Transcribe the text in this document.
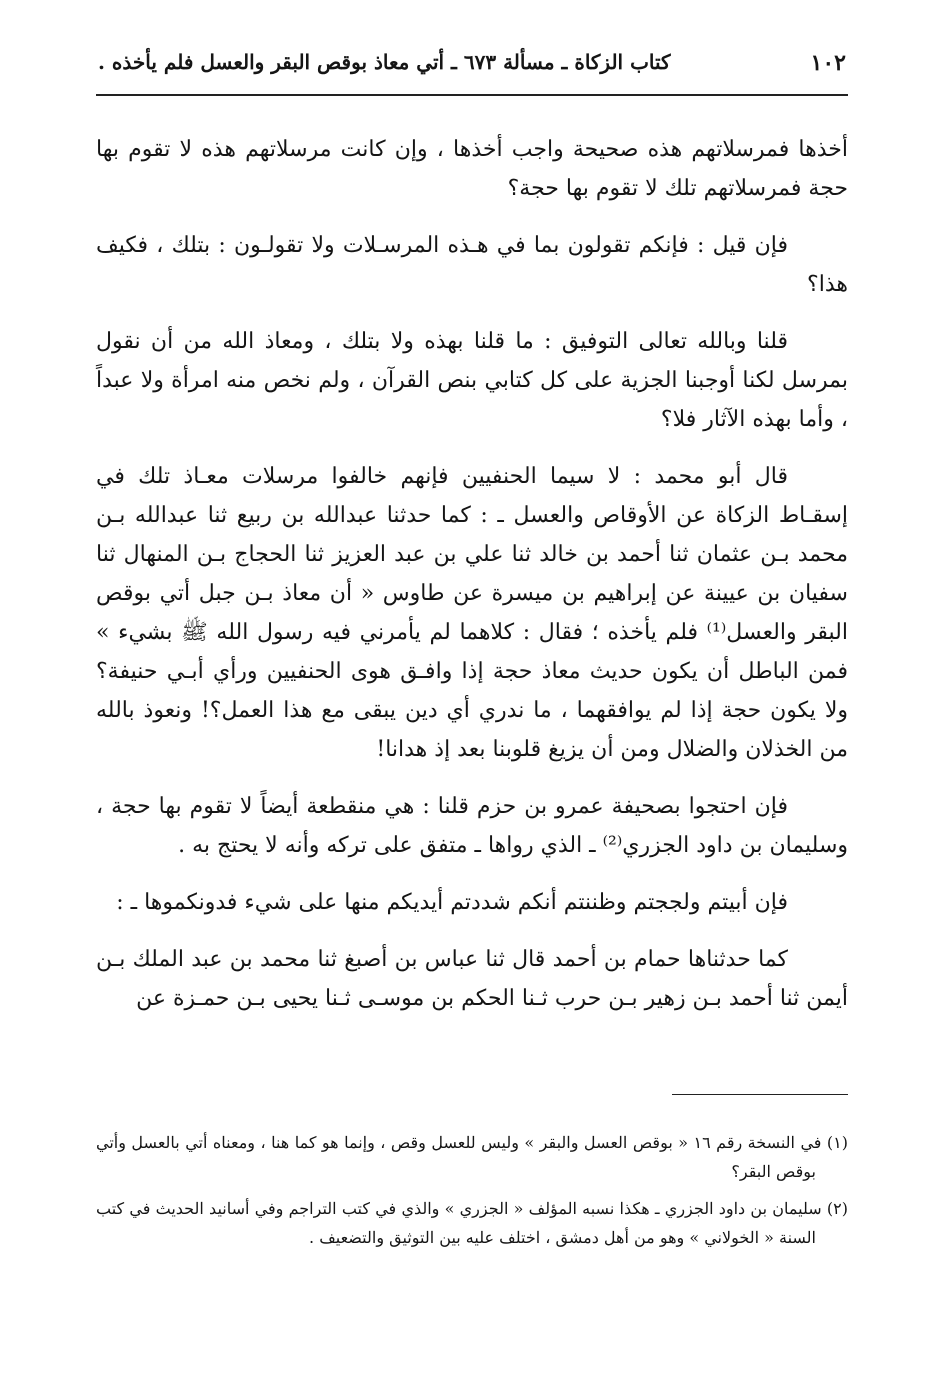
١٠٢
كتاب الزكاة ـ مسألة ٦٧٣ ـ أتي معاذ بوقص البقر والعسل فلم يأخذه .

أخذها فمرسلاتهم هذه صحيحة واجب أخذها ، وإن كانت مرسلاتهم هذه لا تقوم بها حجة فمرسلاتهم تلك لا تقوم بها حجة؟

فإن قيل : فإنكم تقولون بما في هـذه المرسـلات ولا تقولـون : بتلك ، فكيف هذا؟

قلنا وبالله تعالى التوفيق : ما قلنا بهذه ولا بتلك ، ومعاذ الله من أن نقول بمرسل لكنا أوجبنا الجزية على كل كتابي بنص القرآن ، ولم نخص منه امرأة ولا عبداً ، وأما بهذه الآثار فلا؟

قال أبو محمد : لا سيما الحنفيين فإنهم خالفوا مرسلات معـاذ تلك في إسقـاط الزكاة عن الأوقاص والعسل ـ : كما حدثنا عبدالله بن ربيع ثنا عبدالله بـن محمد بـن عثمان ثنا أحمد بن خالد ثنا علي بن عبد العزيز ثنا الحجاج بـن المنهال ثنا سفيان بن عيينة عن إبراهيم بن ميسرة عن طاوس « أن معاذ بـن جبل أتي بوقص البقر والعسل⁽¹⁾ فلم يأخذه ؛ فقال : كلاهما لم يأمرني فيه رسول الله ﷺ بشيء » فمن الباطل أن يكون حديث معاذ حجة إذا وافـق هوى الحنفيين ورأي أبـي حنيفة؟ ولا يكون حجة إذا لم يوافقهما ، ما ندري أي دين يبقى مع هذا العمل؟! ونعوذ بالله من الخذلان والضلال ومن أن يزيغ قلوبنا بعد إذ هدانا!

فإن احتجوا بصحيفة عمرو بن حزم قلنا : هي منقطعة أيضاً لا تقوم بها حجة ، وسليمان بن داود الجزري⁽²⁾ ـ الذي رواها ـ متفق على تركه وأنه لا يحتج به .

فإن أبيتم ولججتم وظننتم أنكم شددتم أيديكم منها على شيء فدونكموها ـ :

كما حدثناها حمام بن أحمد قال ثنا عباس بن أصبغ ثنا محمد بن عبد الملك بـن أيمن ثنا أحمد بـن زهير بـن حرب ثـنا الحكم بن موسـى ثـنا يحيى بـن حمـزة عن

(١) في النسخة رقم ١٦ « بوقص العسل والبقر » وليس للعسل وقص ، وإنما هو كما هنا ، ومعناه أتي بالعسل وأتي بوقص البقر؟

(٢) سليمان بن داود الجزري ـ هكذا نسبه المؤلف « الجزري » والذي في كتب التراجم وفي أسانيد الحديث في كتب السنة « الخولاني » وهو من أهل دمشق ، اختلف عليه بين التوثيق والتضعيف .
